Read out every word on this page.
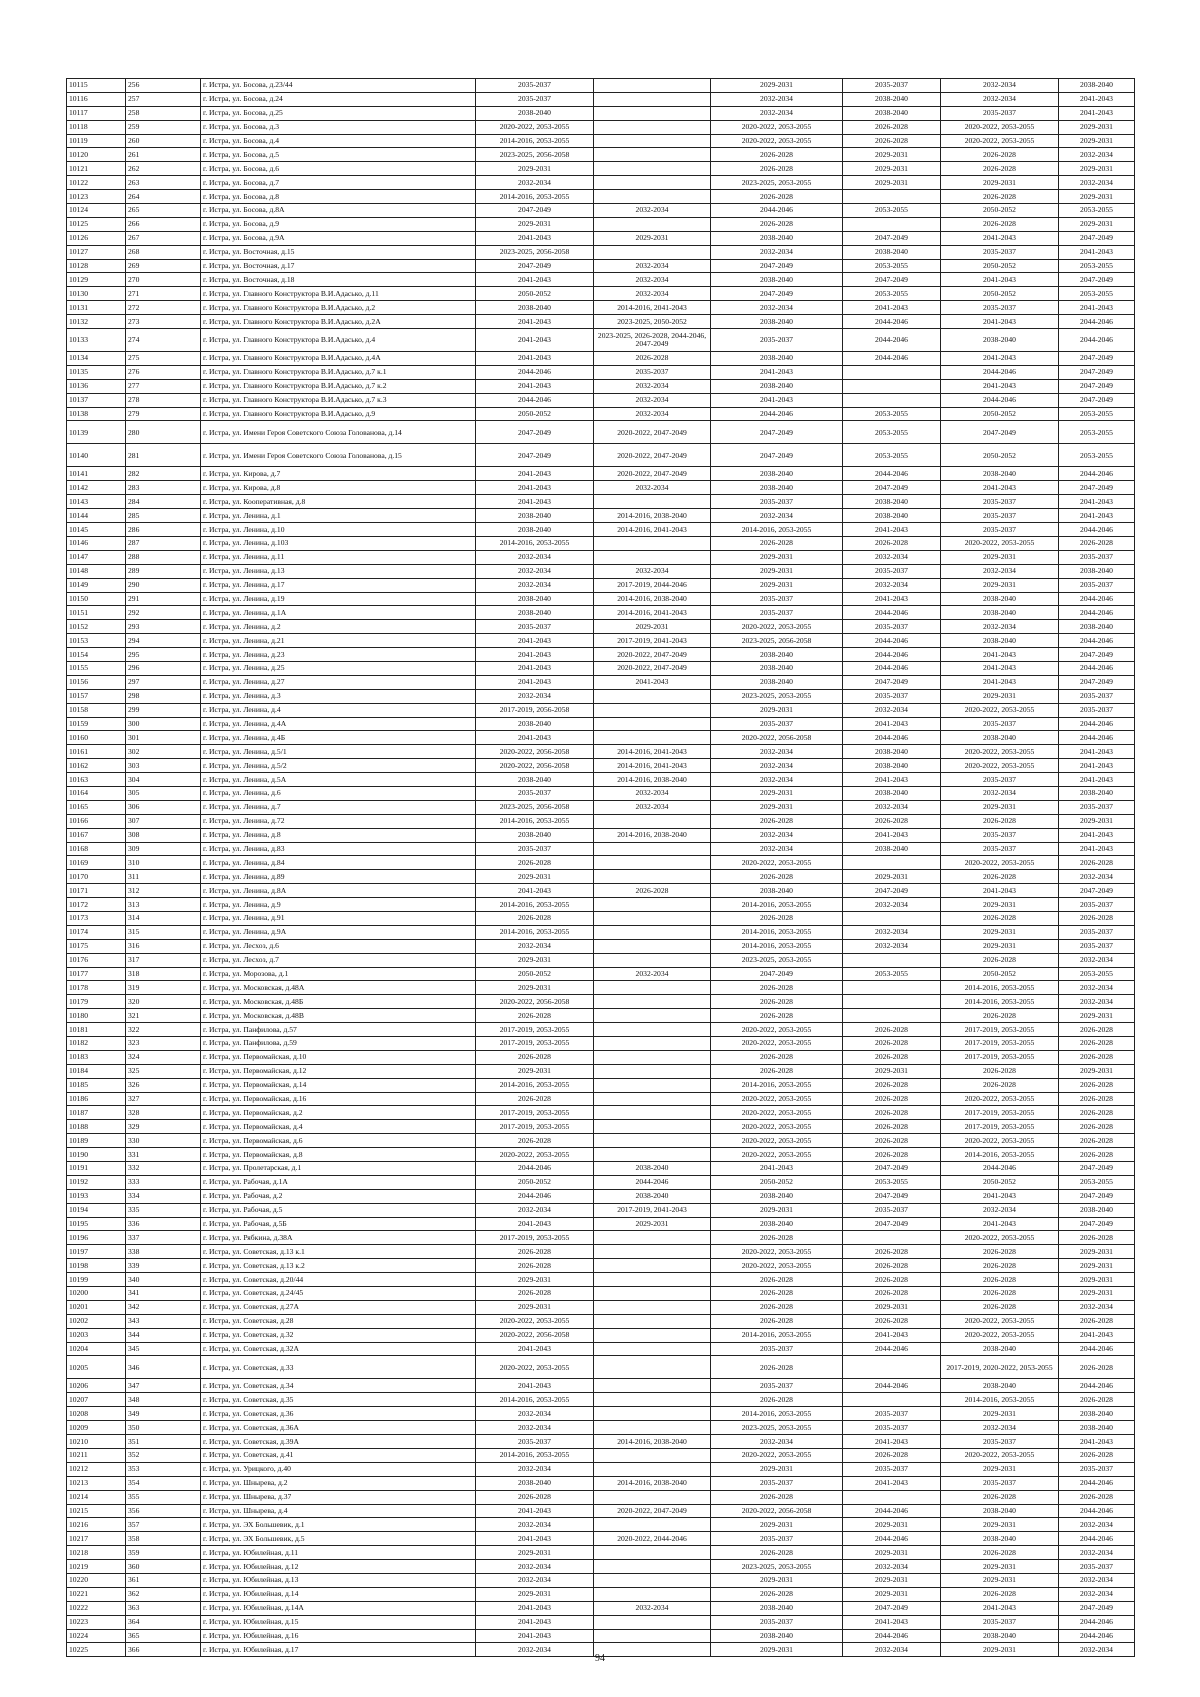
10115	256	г. Истра, ул. Босова, д.23/44	2035-2037		2029-2031	2035-2037	2032-2034	2038-2040
10116	257	г. Истра, ул. Босова, д.24	2035-2037		2032-2034	2038-2040	2032-2034	2041-2043
10117	258	г. Истра, ул. Босова, д.25	2038-2040		2032-2034	2038-2040	2035-2037	2041-2043
10118	259	г. Истра, ул. Босова, д.3	2020-2022, 2053-2055		2020-2022, 2053-2055	2026-2028	2020-2022, 2053-2055	2029-2031
10119	260	г. Истра, ул. Босова, д.4	2014-2016, 2053-2055		2020-2022, 2053-2055	2026-2028	2020-2022, 2053-2055	2029-2031
10120	261	г. Истра, ул. Босова, д.5	2023-2025, 2056-2058		2026-2028	2029-2031	2026-2028	2032-2034
10121	262	г. Истра, ул. Босова, д.6	2029-2031		2026-2028	2029-2031	2026-2028	2029-2031
10122	263	г. Истра, ул. Босова, д.7	2032-2034		2023-2025, 2053-2055	2029-2031	2029-2031	2032-2034
10123	264	г. Истра, ул. Босова, д.8	2014-2016, 2053-2055		2026-2028		2026-2028	2029-2031
10124	265	г. Истра, ул. Босова, д.8А	2047-2049	2032-2034	2044-2046	2053-2055	2050-2052	2053-2055
10125	266	г. Истра, ул. Босова, д.9	2029-2031		2026-2028		2026-2028	2029-2031
10126	267	г. Истра, ул. Босова, д.9А	2041-2043	2029-2031	2038-2040	2047-2049	2041-2043	2047-2049
10127	268	г. Истра, ул. Восточная, д.15	2023-2025, 2056-2058		2032-2034	2038-2040	2035-2037	2041-2043
10128	269	г. Истра, ул. Восточная, д.17	2047-2049	2032-2034	2047-2049	2053-2055	2050-2052	2053-2055
10129	270	г. Истра, ул. Восточная, д.18	2041-2043	2032-2034	2038-2040	2047-2049	2041-2043	2047-2049
10130	271	г. Истра, ул. Главного Конструктора В.И.Адасько, д.11	2050-2052	2032-2034	2047-2049	2053-2055	2050-2052	2053-2055
10131	272	г. Истра, ул. Главного Конструктора В.И.Адасько, д.2	2038-2040	2014-2016, 2041-2043	2032-2034	2041-2043	2035-2037	2041-2043
10132	273	г. Истра, ул. Главного Конструктора В.И.Адасько, д.2А	2041-2043	2023-2025, 2050-2052	2038-2040	2044-2046	2041-2043	2044-2046
10133	274	г. Истра, ул. Главного Конструктора В.И.Адасько, д.4	2041-2043	2023-2025, 2026-2028, 2044-2046, 2047-2049	2035-2037	2044-2046	2038-2040	2044-2046
10134	275	г. Истра, ул. Главного Конструктора В.И.Адасько, д.4А	2041-2043	2026-2028	2038-2040	2044-2046	2041-2043	2047-2049
10135	276	г. Истра, ул. Главного Конструктора В.И.Адасько, д.7 к.1	2044-2046	2035-2037	2041-2043		2044-2046	2047-2049
10136	277	г. Истра, ул. Главного Конструктора В.И.Адасько, д.7 к.2	2041-2043	2032-2034	2038-2040		2041-2043	2047-2049
10137	278	г. Истра, ул. Главного Конструктора В.И.Адасько, д.7 к.3	2044-2046	2032-2034	2041-2043		2044-2046	2047-2049
10138	279	г. Истра, ул. Главного Конструктора В.И.Адасько, д.9	2050-2052	2032-2034	2044-2046	2053-2055	2050-2052	2053-2055
10139	280	г. Истра, ул. Имени Героя Советского Союза Голованова, д.14	2047-2049	2020-2022, 2047-2049	2047-2049	2053-2055	2047-2049	2053-2055
10140	281	г. Истра, ул. Имени Героя Советского Союза Голованова, д.15	2047-2049	2020-2022, 2047-2049	2047-2049	2053-2055	2050-2052	2053-2055
10141	282	г. Истра, ул. Кирова, д.7	2041-2043	2020-2022, 2047-2049	2038-2040	2044-2046	2038-2040	2044-2046
10142	283	г. Истра, ул. Кирова, д.8	2041-2043	2032-2034	2038-2040	2047-2049	2041-2043	2047-2049
10143	284	г. Истра, ул. Кооперативная, д.8	2041-2043		2035-2037	2038-2040	2035-2037	2041-2043
10144	285	г. Истра, ул. Ленина, д.1	2038-2040	2014-2016, 2038-2040	2032-2034	2038-2040	2035-2037	2041-2043
10145	286	г. Истра, ул. Ленина, д.10	2038-2040	2014-2016, 2041-2043	2014-2016, 2053-2055	2041-2043	2035-2037	2044-2046
10146	287	г. Истра, ул. Ленина, д.103	2014-2016, 2053-2055		2026-2028	2026-2028	2020-2022, 2053-2055	2026-2028
10147	288	г. Истра, ул. Ленина, д.11	2032-2034		2029-2031	2032-2034	2029-2031	2035-2037
10148	289	г. Истра, ул. Ленина, д.13	2032-2034	2032-2034	2029-2031	2035-2037	2032-2034	2038-2040
10149	290	г. Истра, ул. Ленина, д.17	2032-2034	2017-2019, 2044-2046	2029-2031	2032-2034	2029-2031	2035-2037
10150	291	г. Истра, ул. Ленина, д.19	2038-2040	2014-2016, 2038-2040	2035-2037	2041-2043	2038-2040	2044-2046
10151	292	г. Истра, ул. Ленина, д.1А	2038-2040	2014-2016, 2041-2043	2035-2037	2044-2046	2038-2040	2044-2046
10152	293	г. Истра, ул. Ленина, д.2	2035-2037	2029-2031	2020-2022, 2053-2055	2035-2037	2032-2034	2038-2040
10153	294	г. Истра, ул. Ленина, д.21	2041-2043	2017-2019, 2041-2043	2023-2025, 2056-2058	2044-2046	2038-2040	2044-2046
10154	295	г. Истра, ул. Ленина, д.23	2041-2043	2020-2022, 2047-2049	2038-2040	2044-2046	2041-2043	2047-2049
10155	296	г. Истра, ул. Ленина, д.25	2041-2043	2020-2022, 2047-2049	2038-2040	2044-2046	2041-2043	2044-2046
10156	297	г. Истра, ул. Ленина, д.27	2041-2043	2041-2043	2038-2040	2047-2049	2041-2043	2047-2049
10157	298	г. Истра, ул. Ленина, д.3	2032-2034		2023-2025, 2053-2055	2035-2037	2029-2031	2035-2037
10158	299	г. Истра, ул. Ленина, д.4	2017-2019, 2056-2058		2029-2031	2032-2034	2020-2022, 2053-2055	2035-2037
10159	300	г. Истра, ул. Ленина, д.4А	2038-2040		2035-2037	2041-2043	2035-2037	2044-2046
10160	301	г. Истра, ул. Ленина, д.4Б	2041-2043		2020-2022, 2056-2058	2044-2046	2038-2040	2044-2046
10161	302	г. Истра, ул. Ленина, д.5/1	2020-2022, 2056-2058	2014-2016, 2041-2043	2032-2034	2038-2040	2020-2022, 2053-2055	2041-2043
10162	303	г. Истра, ул. Ленина, д.5/2	2020-2022, 2056-2058	2014-2016, 2041-2043	2032-2034	2038-2040	2020-2022, 2053-2055	2041-2043
10163	304	г. Истра, ул. Ленина, д.5А	2038-2040	2014-2016, 2038-2040	2032-2034	2041-2043	2035-2037	2041-2043
10164	305	г. Истра, ул. Ленина, д.6	2035-2037	2032-2034	2029-2031	2038-2040	2032-2034	2038-2040
10165	306	г. Истра, ул. Ленина, д.7	2023-2025, 2056-2058	2032-2034	2029-2031	2032-2034	2029-2031	2035-2037
10166	307	г. Истра, ул. Ленина, д.72	2014-2016, 2053-2055		2026-2028	2026-2028	2026-2028	2029-2031
10167	308	г. Истра, ул. Ленина, д.8	2038-2040	2014-2016, 2038-2040	2032-2034	2041-2043	2035-2037	2041-2043
10168	309	г. Истра, ул. Ленина, д.83	2035-2037		2032-2034	2038-2040	2035-2037	2041-2043
10169	310	г. Истра, ул. Ленина, д.84	2026-2028		2020-2022, 2053-2055		2020-2022, 2053-2055	2026-2028
10170	311	г. Истра, ул. Ленина, д.89	2029-2031		2026-2028	2029-2031	2026-2028	2032-2034
10171	312	г. Истра, ул. Ленина, д.8А	2041-2043	2026-2028	2038-2040	2047-2049	2041-2043	2047-2049
10172	313	г. Истра, ул. Ленина, д.9	2014-2016, 2053-2055		2014-2016, 2053-2055	2032-2034	2029-2031	2035-2037
10173	314	г. Истра, ул. Ленина, д.91	2026-2028		2026-2028		2026-2028	2026-2028
10174	315	г. Истра, ул. Ленина, д.9А	2014-2016, 2053-2055		2014-2016, 2053-2055	2032-2034	2029-2031	2035-2037
10175	316	г. Истра, ул. Лесхоз, д.6	2032-2034		2014-2016, 2053-2055	2032-2034	2029-2031	2035-2037
10176	317	г. Истра, ул. Лесхоз, д.7	2029-2031		2023-2025, 2053-2055		2026-2028	2032-2034
10177	318	г. Истра, ул. Морозова, д.1	2050-2052	2032-2034	2047-2049	2053-2055	2050-2052	2053-2055
10178	319	г. Истра, ул. Московская, д.48А	2029-2031		2026-2028		2014-2016, 2053-2055	2032-2034
10179	320	г. Истра, ул. Московская, д.48Б	2020-2022, 2056-2058		2026-2028		2014-2016, 2053-2055	2032-2034
10180	321	г. Истра, ул. Московская, д.48В	2026-2028		2026-2028		2026-2028	2029-2031
10181	322	г. Истра, ул. Панфилова, д.57	2017-2019, 2053-2055		2020-2022, 2053-2055	2026-2028	2017-2019, 2053-2055	2026-2028
10182	323	г. Истра, ул. Панфилова, д.59	2017-2019, 2053-2055		2020-2022, 2053-2055	2026-2028	2017-2019, 2053-2055	2026-2028
10183	324	г. Истра, ул. Первомайская, д.10	2026-2028		2026-2028	2026-2028	2017-2019, 2053-2055	2026-2028
10184	325	г. Истра, ул. Первомайская, д.12	2029-2031		2026-2028	2029-2031	2026-2028	2029-2031
10185	326	г. Истра, ул. Первомайская, д.14	2014-2016, 2053-2055		2014-2016, 2053-2055	2026-2028	2026-2028	2026-2028
10186	327	г. Истра, ул. Первомайская, д.16	2026-2028		2020-2022, 2053-2055	2026-2028	2020-2022, 2053-2055	2026-2028
10187	328	г. Истра, ул. Первомайская, д.2	2017-2019, 2053-2055		2020-2022, 2053-2055	2026-2028	2017-2019, 2053-2055	2026-2028
10188	329	г. Истра, ул. Первомайская, д.4	2017-2019, 2053-2055		2020-2022, 2053-2055	2026-2028	2017-2019, 2053-2055	2026-2028
10189	330	г. Истра, ул. Первомайская, д.6	2026-2028		2020-2022, 2053-2055	2026-2028	2020-2022, 2053-2055	2026-2028
10190	331	г. Истра, ул. Первомайская, д.8	2020-2022, 2053-2055		2020-2022, 2053-2055	2026-2028	2014-2016, 2053-2055	2026-2028
10191	332	г. Истра, ул. Пролетарская, д.1	2044-2046	2038-2040	2041-2043	2047-2049	2044-2046	2047-2049
10192	333	г. Истра, ул. Рабочая, д.1А	2050-2052	2044-2046	2050-2052	2053-2055	2050-2052	2053-2055
10193	334	г. Истра, ул. Рабочая, д.2	2044-2046	2038-2040	2038-2040	2047-2049	2041-2043	2047-2049
10194	335	г. Истра, ул. Рабочая, д.5	2032-2034	2017-2019, 2041-2043	2029-2031	2035-2037	2032-2034	2038-2040
10195	336	г. Истра, ул. Рабочая, д.5Б	2041-2043	2029-2031	2038-2040	2047-2049	2041-2043	2047-2049
10196	337	г. Истра, ул. Рябкина, д.38А	2017-2019, 2053-2055		2026-2028		2020-2022, 2053-2055	2026-2028
10197	338	г. Истра, ул. Советская, д.13 к.1	2026-2028		2020-2022, 2053-2055	2026-2028	2026-2028	2029-2031
10198	339	г. Истра, ул. Советская, д.13 к.2	2026-2028		2020-2022, 2053-2055	2026-2028	2026-2028	2029-2031
10199	340	г. Истра, ул. Советская, д.20/44	2029-2031		2026-2028	2026-2028	2026-2028	2029-2031
10200	341	г. Истра, ул. Советская, д.24/45	2026-2028		2026-2028	2026-2028	2026-2028	2029-2031
10201	342	г. Истра, ул. Советская, д.27А	2029-2031		2026-2028	2029-2031	2026-2028	2032-2034
10202	343	г. Истра, ул. Советская, д.28	2020-2022, 2053-2055		2026-2028	2026-2028	2020-2022, 2053-2055	2026-2028
10203	344	г. Истра, ул. Советская, д.32	2020-2022, 2056-2058		2014-2016, 2053-2055	2041-2043	2020-2022, 2053-2055	2041-2043
10204	345	г. Истра, ул. Советская, д.32А	2041-2043		2035-2037	2044-2046	2038-2040	2044-2046
10205	346	г. Истра, ул. Советская, д.33	2020-2022, 2053-2055		2026-2028		2017-2019, 2020-2022, 2053-2055	2026-2028
10206	347	г. Истра, ул. Советская, д.34	2041-2043		2035-2037	2044-2046	2038-2040	2044-2046
10207	348	г. Истра, ул. Советская, д.35	2014-2016, 2053-2055		2026-2028		2014-2016, 2053-2055	2026-2028
10208	349	г. Истра, ул. Советская, д.36	2032-2034		2014-2016, 2053-2055	2035-2037	2029-2031	2038-2040
10209	350	г. Истра, ул. Советская, д.36А	2032-2034		2023-2025, 2053-2055	2035-2037	2032-2034	2038-2040
10210	351	г. Истра, ул. Советская, д.39А	2035-2037	2014-2016, 2038-2040	2032-2034	2041-2043	2035-2037	2041-2043
10211	352	г. Истра, ул. Советская, д.41	2014-2016, 2053-2055		2020-2022, 2053-2055	2026-2028	2020-2022, 2053-2055	2026-2028
10212	353	г. Истра, ул. Урицкого, д.40	2032-2034		2029-2031	2035-2037	2029-2031	2035-2037
10213	354	г. Истра, ул. Шнырева, д.2	2038-2040	2014-2016, 2038-2040	2035-2037	2041-2043	2035-2037	2044-2046
10214	355	г. Истра, ул. Шнырева, д.37	2026-2028		2026-2028		2026-2028	2026-2028
10215	356	г. Истра, ул. Шнырева, д.4	2041-2043	2020-2022, 2047-2049	2020-2022, 2056-2058	2044-2046	2038-2040	2044-2046
10216	357	г. Истра, ул. ЭХ Большевик, д.1	2032-2034		2029-2031	2029-2031	2029-2031	2032-2034
10217	358	г. Истра, ул. ЭХ Большевик, д.5	2041-2043	2020-2022, 2044-2046	2035-2037	2044-2046	2038-2040	2044-2046
10218	359	г. Истра, ул. Юбилейная, д.11	2029-2031		2026-2028	2029-2031	2026-2028	2032-2034
10219	360	г. Истра, ул. Юбилейная, д.12	2032-2034		2023-2025, 2053-2055	2032-2034	2029-2031	2035-2037
10220	361	г. Истра, ул. Юбилейная, д.13	2032-2034		2029-2031	2029-2031	2029-2031	2032-2034
10221	362	г. Истра, ул. Юбилейная, д.14	2029-2031		2026-2028	2029-2031	2026-2028	2032-2034
10222	363	г. Истра, ул. Юбилейная, д.14А	2041-2043	2032-2034	2038-2040	2047-2049	2041-2043	2047-2049
10223	364	г. Истра, ул. Юбилейная, д.15	2041-2043		2035-2037	2041-2043	2035-2037	2044-2046
10224	365	г. Истра, ул. Юбилейная, д.16	2041-2043		2038-2040	2044-2046	2038-2040	2044-2046
10225	366	г. Истра, ул. Юбилейная, д.17	2032-2034		2029-2031	2032-2034	2029-2031	2032-2034
94
